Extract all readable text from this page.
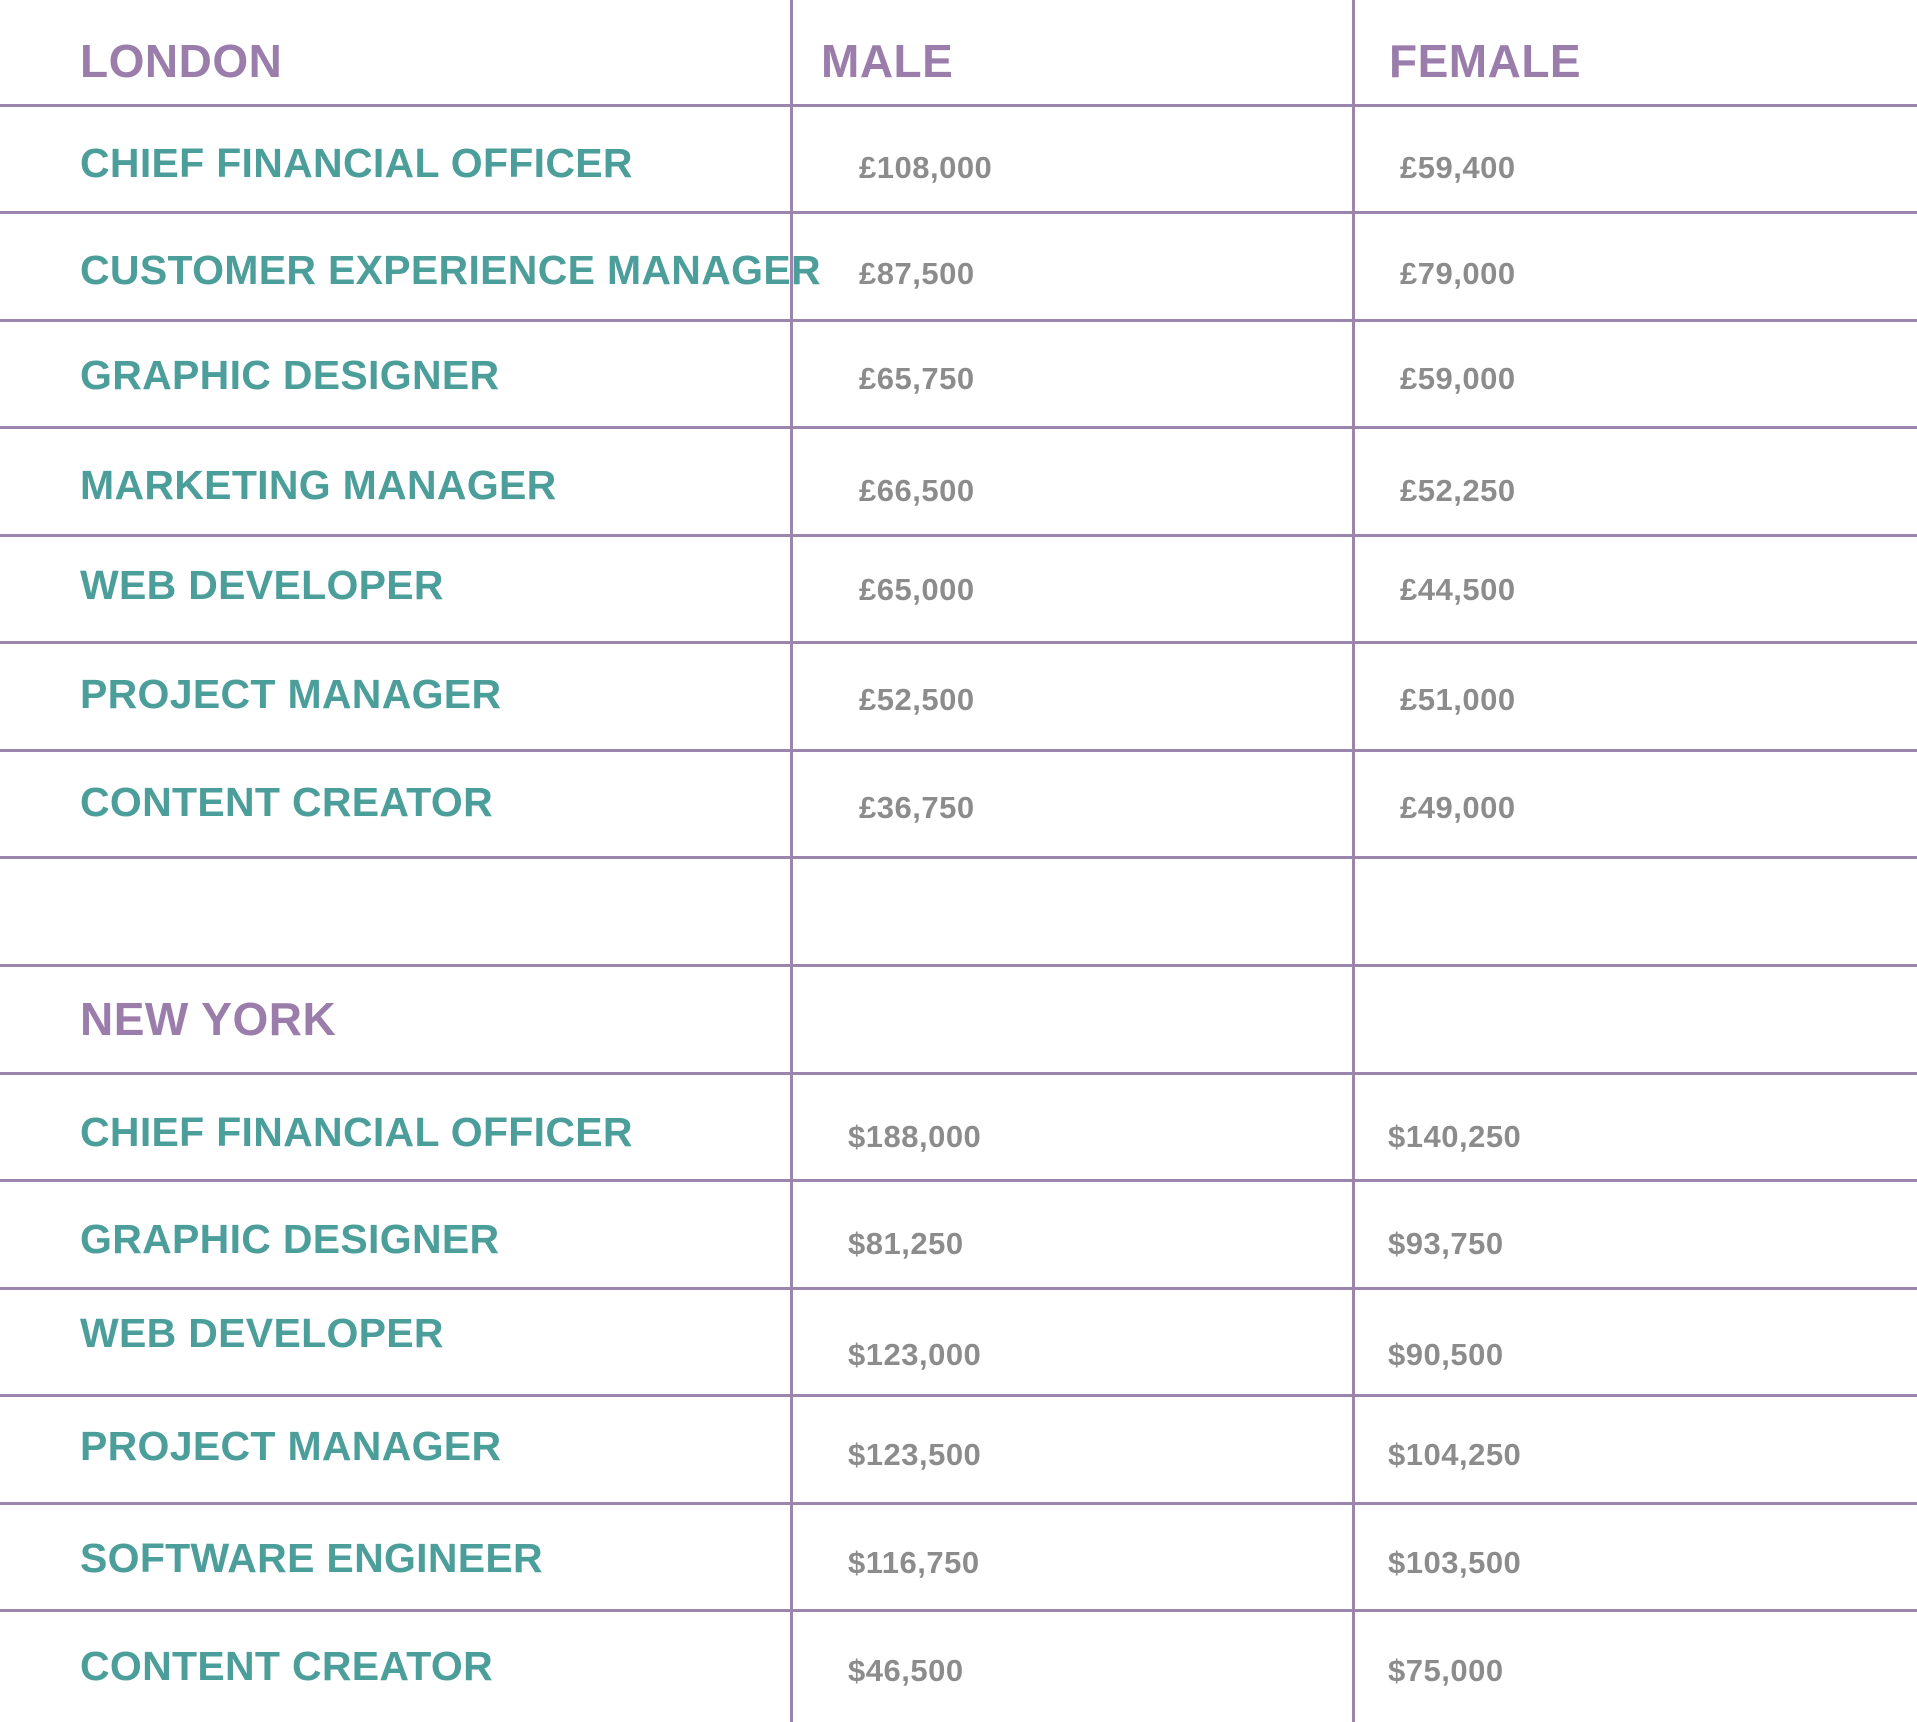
LONDON	MALE	FEMALE
CHIEF FINANCIAL OFFICER	£108,000	£59,400
CUSTOMER EXPERIENCE MANAGER £87,500	£79,000
GRAPHIC DESIGNER	£65,750	£59,000
MARKETING MANAGER	£66,500	£52,250
WEB DEVELOPER	£65,000	£44,500
PROJECT MANAGER	£52,500	£51,000
CONTENT CREATOR	£36,750	£49,000
NEW YORK
CHIEF FINANCIAL OFFICER	$188,000	$140,250
GRAPHIC DESIGNER	$81,250	$93,750
WEB DEVELOPER	$123,000	$90,500
PROJECT MANAGER	$123,500	$104,250
SOFTWARE ENGINEER	$116,750	$103,500
CONTENT CREATOR	$46,500	$75,000
